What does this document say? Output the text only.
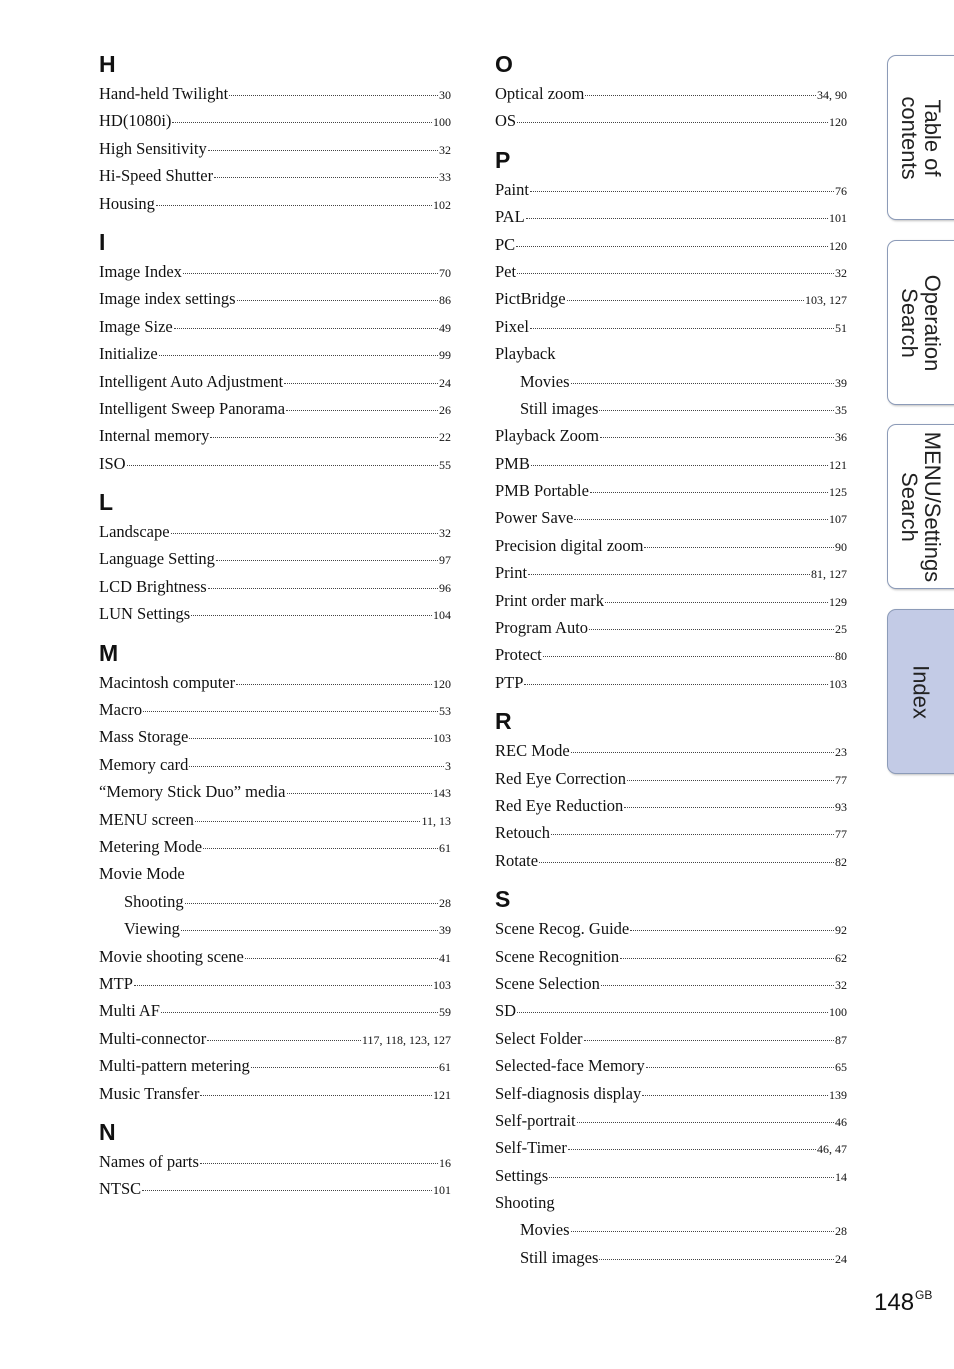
H
Hand-held Twilight	30
HD(1080i)	100
High Sensitivity	32
Hi-Speed Shutter	33
Housing	102
I
Image Index	70
Image index settings	86
Image Size	49
Initialize	99
Intelligent Auto Adjustment	24
Intelligent Sweep Panorama	26
Internal memory	22
ISO	55
L
Landscape	32
Language Setting	97
LCD Brightness	96
LUN Settings	104
M
Macintosh computer	120
Macro	53
Mass Storage	103
Memory card	3
“Memory Stick Duo” media	143
MENU screen	11, 13
Metering Mode	61
Movie Mode
Shooting	28
Viewing	39
Movie shooting scene	41
MTP	103
Multi AF	59
Multi-connector	117, 118, 123, 127
Multi-pattern metering	61
Music Transfer	121
N
Names of parts	16
NTSC	101
O
Optical zoom	34, 90
OS	120
P
Paint	76
PAL	101
PC	120
Pet	32
PictBridge	103, 127
Pixel	51
Playback
Movies	39
Still images	35
Playback Zoom	36
PMB	121
PMB Portable	125
Power Save	107
Precision digital zoom	90
Print	81, 127
Print order mark	129
Program Auto	25
Protect	80
PTP	103
R
REC Mode	23
Red Eye Correction	77
Red Eye Reduction	93
Retouch	77
Rotate	82
S
Scene Recog. Guide	92
Scene Recognition	62
Scene Selection	32
SD	100
Select Folder	87
Selected-face Memory	65
Self-diagnosis display	139
Self-portrait	46
Self-Timer	46, 47
Settings	14
Shooting
Movies	28
Still images	24
Table of
contents
Operation
Search
MENU/Settings
Search
Index
$148^{GB}$
